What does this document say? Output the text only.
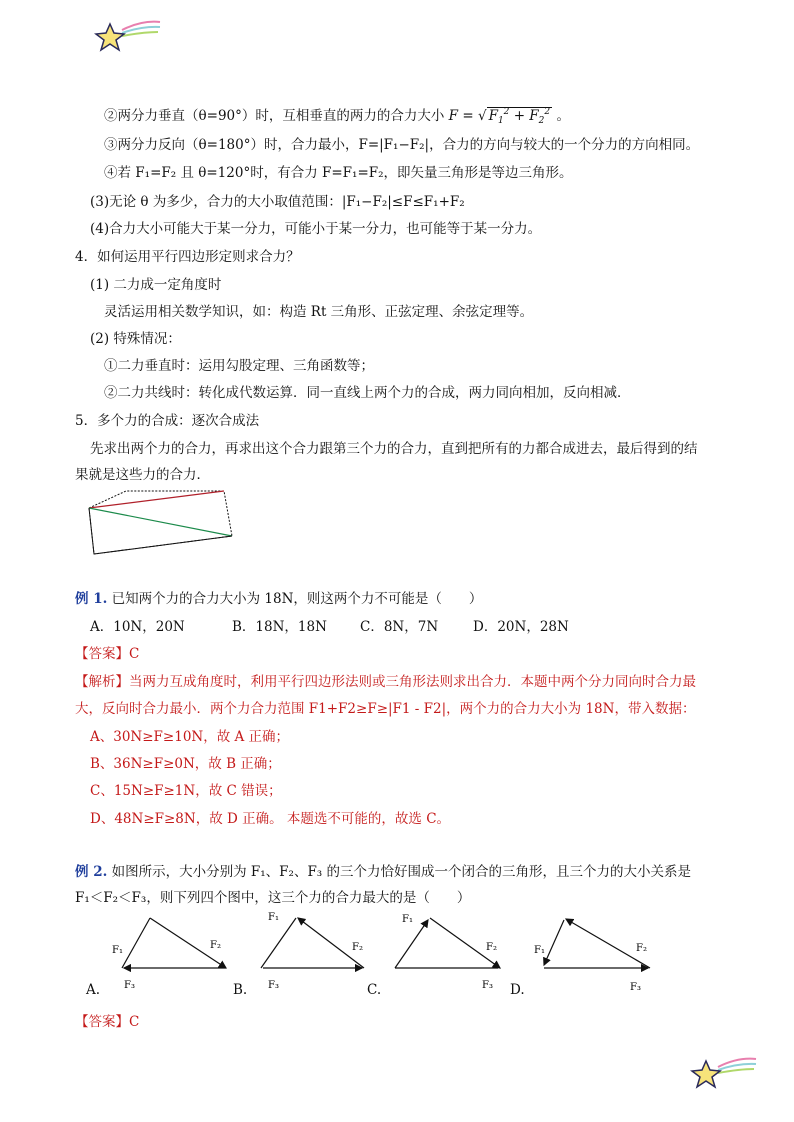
②两分力垂直（θ=90°）时，互相垂直的两力的合力大小 F = √ $F_1^2 + F_2^2$ 。
③两分力反向（θ=180°）时，合力最小，F=|F₁−F₂|，合力的方向与较大的一个分力的方向相同。
④若 F₁=F₂ 且 θ=120°时，有合力 F=F₁=F₂，即矢量三角形是等边三角形。
(3)无论 θ 为多少，合力的大小取值范围：|F₁−F₂|≤F≤F₁+F₂
(4)合力大小可能大于某一分力，可能小于某一分力，也可能等于某一分力。
4．如何运用平行四边形定则求合力？
(1) 二力成一定角度时
灵活运用相关数学知识，如：构造 Rt 三角形、正弦定理、余弦定理等。
(2) 特殊情况：
①二力垂直时：运用勾股定理、三角函数等；
②二力共线时：转化成代数运算．同一直线上两个力的合成，两力同向相加，反向相减．
5．多个力的合成：逐次合成法
先求出两个力的合力，再求出这个合力跟第三个力的合力，直到把所有的力都合成进去，最后得到的结
果就是这些力的合力．
例 1. 已知两个力的合力大小为 18N，则这两个力不可能是（　　）
A．10N，20N	B．18N，18N C．8N，7N	D．20N，28N
【答案】C
【解析】当两力互成角度时，利用平行四边形法则或三角形法则求出合力．本题中两个分力同向时合力最
大，反向时合力最小．两个力合力范围 F1+F2≥F≥|F1 - F2|，两个力的合力大小为 18N，带入数据：
A、30N≥F≥10N，故 A 正确；
B、36N≥F≥0N，故 B 正确；
C、15N≥F≥1N，故 C 错误；
D、48N≥F≥8N，故 D 正确。 本题选不可能的，故选 C。
例 2. 如图所示，大小分别为 F₁、F₂、F₃ 的三个力恰好围成一个闭合的三角形，且三个力的大小关系是
F₁＜F₂＜F₃，则下列四个图中，这三个力的合力最大的是（　　）
F₁	F₂
F₃
A.
F₁
F₂
F₃
B.
F₁
F₂
F₃
C.
F₁	F₂
F₃
D.
【答案】C
